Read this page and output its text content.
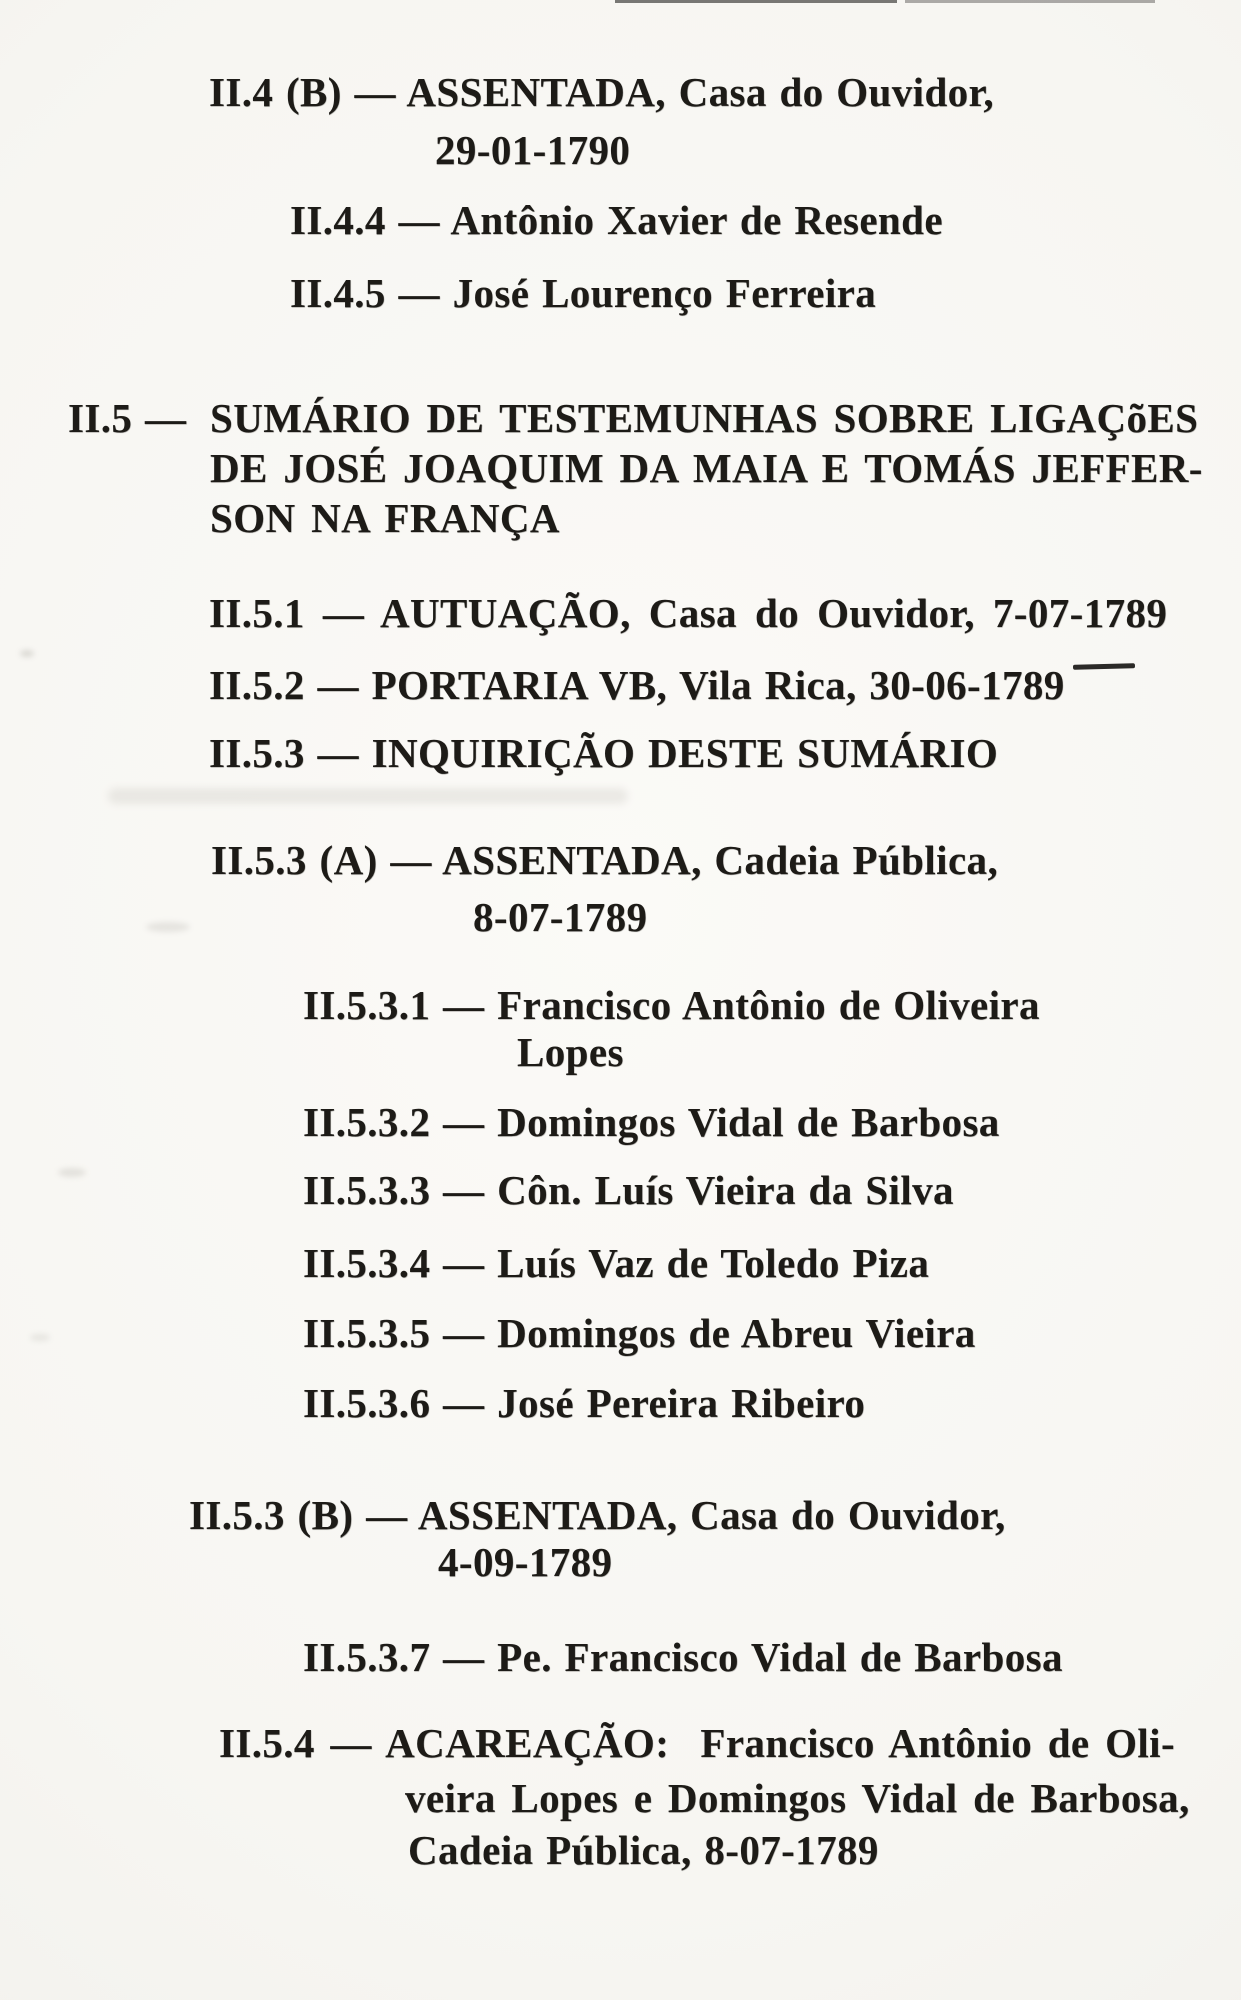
II.4 (B) — ASSENTADA, Casa do Ouvidor,
29-01-1790
II.4.4 — Antônio Xavier de Resende
II.4.5 — José Lourenço Ferreira
II.5 — SUMÁRIO DE TESTEMUNHAS SOBRE LIGAÇõES
DE JOSÉ JOAQUIM DA MAIA E TOMÁS JEFFER-
SON NA FRANÇA
II.5.1 — AUTUAÇÃO, Casa do Ouvidor, 7-07-1789
II.5.2 — PORTARIA VB, Vila Rica, 30-06-1789
II.5.3 — INQUIRIÇÃO DESTE SUMÁRIO
II.5.3 (A) — ASSENTADA, Cadeia Pública,
8-07-1789
II.5.3.1 — Francisco Antônio de Oliveira
Lopes
II.5.3.2 — Domingos Vidal de Barbosa
II.5.3.3 — Côn. Luís Vieira da Silva
II.5.3.4 — Luís Vaz de Toledo Piza
II.5.3.5 — Domingos de Abreu Vieira
II.5.3.6 — José Pereira Ribeiro
II.5.3 (B) — ASSENTADA, Casa do Ouvidor,
4-09-1789
II.5.3.7 — Pe. Francisco Vidal de Barbosa
II.5.4 — ACAREAÇÃO:  Francisco Antônio de Oli-
veira Lopes e Domingos Vidal de Barbosa,
Cadeia Pública, 8-07-1789
